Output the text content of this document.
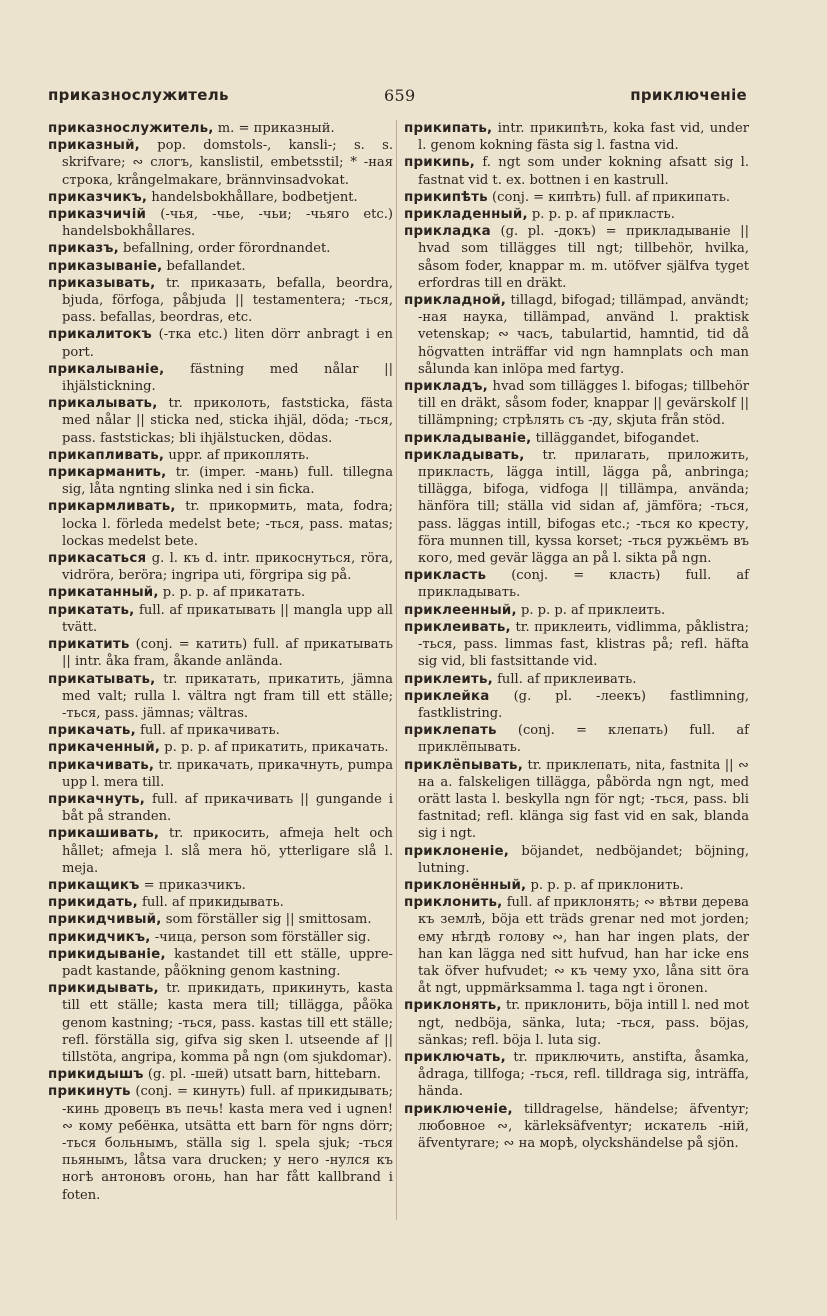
приказнослужитель	659	приключеніе

приказнослужитель, m. = приказный.

приказный, pop. domstols-, kansli-; s. s. skrifvare; ∾ слогъ, kanslistil, embetsstil; * -ная строка, krångelmakare, brännvinsadvokat.

приказчикъ, handelsbokhållare, bodbetjent.

приказчичій (-чья, -чье, -чьи; -чьяго etc.) handelsbokhållares.

приказъ, befallning, order förordnandet.

приказываніе, befallandet.

приказывать, tr. приказать, befalla, beordra, bjuda, förfoga, påbjuda || testamentera; -ться, pass. befallas, beordras, etc.

прикалитокъ (-тка etc.) liten dörr anbragt i en port.

прикалываніе, fästning med nålar || ihjälstickning.

прикалывать, tr. приколоть, faststicka, fästa med nålar || sticka ned, sticka ihjäl, döda; -ться, pass. faststickas; bli ihjälstucken, dödas.

прикапливать, uppr. af прикоплять.

прикарманить, tr. (imper. -мань) full. tillegna sig, låta ngnting slinka ned i sin ficka.

прикармливать, tr. прикормить, mata, fodra; locka l. förleda medelst bete; -ться, pass. matas; lockas medelst bete.

прикасаться g. l. къ d. intr. прикоснуться, röra, vidröra, beröra; ingripa uti, förgripa sig på.

прикатанный, p. p. p. af прикатать.

прикатать, full. af прикатывать || mangla upp all tvätt.

прикатить (conj. = катить) full. af прикатывать || intr. åka fram, åkande anlända.

прикатывать, tr. прикатать, прикатить, jämna med valt; rulla l. vältra ngt fram till ett ställe; -ться, pass. jämnas; vältras.

прикачать, full. af прикачивать.

прикаченный, p. p. p. af прикатить, прикачать.

прикачивать, tr. прикачать, прикачнуть, pumpa upp l. mera till.

прикачнуть, full. af прикачивать || gungande i båt på stranden.

прикашивать, tr. прикосить, afmeja helt och hållet; afmeja l. slå mera hö, ytterligare slå l. meja.

прикащикъ = приказчикъ.

прикидать, full. af прикидывать.

прикидчивый, som förställer sig || smittosam.

прикидчикъ, -чица, person som förställer sig.

прикидываніе, kastandet till ett ställe, uppre-padt kastande, påökning genom kastning.

прикидывать, tr. прикидать, прикинуть, kasta till ett ställe; kasta mera till; tillägga, påöka genom kastning; -ться, pass. kastas till ett ställe; refl. förställa sig, gifva sig sken l. utseende af || tillstöta, angripa, komma på ngn (om sjukdomar).

прикидышъ (g. pl. -шей) utsatt barn, hittebarn.

прикинуть (conj. = кинуть) full. af прикидывать; -кинь дровецъ въ печь! kasta mera ved i ugnen! ∾ кому ребёнка, utsätta ett barn för ngns dörr; -ться больнымъ, ställa sig l. spela sjuk; -ться пьянымъ, låtsa vara drucken; у него -нулся къ ногѣ антоновъ огонь, han har fått kallbrand i foten.

прикипать, intr. прикипѣть, koka fast vid, under l. genom kokning fästa sig l. fastna vid.

прикипь, f. ngt som under kokning afsatt sig l. fastnat vid t. ex. bottnen i en kastrull.

прикипѣть (conj. = кипѣть) full. af прикипать.

прикладенный, p. p. p. af прикласть.

прикладка (g. pl. -докъ) = прикладываніе || hvad som tillägges till ngt; tillbehör, hvilka, såsom foder, knappar m. m. utöfver själfva tyget erfordras till en dräkt.

прикладной, tillagd, bifogad; tillämpad, användt; -ная наука, tillämpad, använd l. praktisk vetenskap; ∾ часъ, tabulartid, hamntid, tid då högvatten inträffar vid ngn hamnplats och man sålunda kan inlöpa med fartyg.

прикладъ, hvad som tillägges l. bifogas; tillbehör till en dräkt, såsom foder, knappar || gevärskolf || tillämpning; стрѣлять съ -ду, skjuta från stöd.

прикладываніе, tilläggandet, bifogandet.

прикладывать, tr. прилагать, приложить, прикласть, lägga intill, lägga på, anbringa; tillägga, bifoga, vidfoga || tillämpa, använda; hänföra till; ställa vid sidan af, jämföra; -ться, pass. läggas intill, bifogas etc.; -ться ко кресту, föra munnen till, kyssa korset; -ться ружьёмъ въ кого, med gevär lägga an på l. sikta på ngn.

прикласть (conj. = класть) full. af прикладывать.

приклеенный, p. p. p. af приклеить.

приклеивать, tr. приклеить, vidlimma, påklistra; -ться, pass. limmas fast, klistras på; refl. häfta sig vid, bli fastsittande vid.

приклеить, full. af приклеивать.

приклейка (g. pl. -леекъ) fastlimning, fastklistring.

приклепать (conj. = клепать) full. af приклёпывать.

приклёпывать, tr. приклепать, nita, fastnita || ∾ на a. falskeligen tillägga, påbörda ngn ngt, med orätt lasta l. beskylla ngn för ngt; -ться, pass. bli fastnitad; refl. klänga sig fast vid en sak, blanda sig i ngt.

приклоненіе, böjandet, nedböjandet; böjning, lutning.

приклонённый, p. p. p. af приклонить.

приклонить, full. af приклонять; ∾ вѣтви дерева къ землѣ, böja ett träds grenar ned mot jorden; ему нѣгдѣ голову ∾, han har ingen plats, der han kan lägga ned sitt hufvud, han har icke ens tak öfver hufvudet; ∾ къ чему ухо, låna sitt öra åt ngt, uppmärksamma l. taga ngt i öronen.

приклонять, tr. приклонить, böja intill l. ned mot ngt, nedböja, sänka, luta; -ться, pass. böjas, sänkas; refl. böja l. luta sig.

приключать, tr. приключить, anstifta, åsamka, ådraga, tillfoga; -ться, refl. tilldraga sig, inträffa, hända.

приключеніе, tilldragelse, händelse; äfventyr; любовное ∾, kärleksäfventyr; искатель -ній, äfventyrare; ∾ на морѣ, olyckshändelse på sjön.
